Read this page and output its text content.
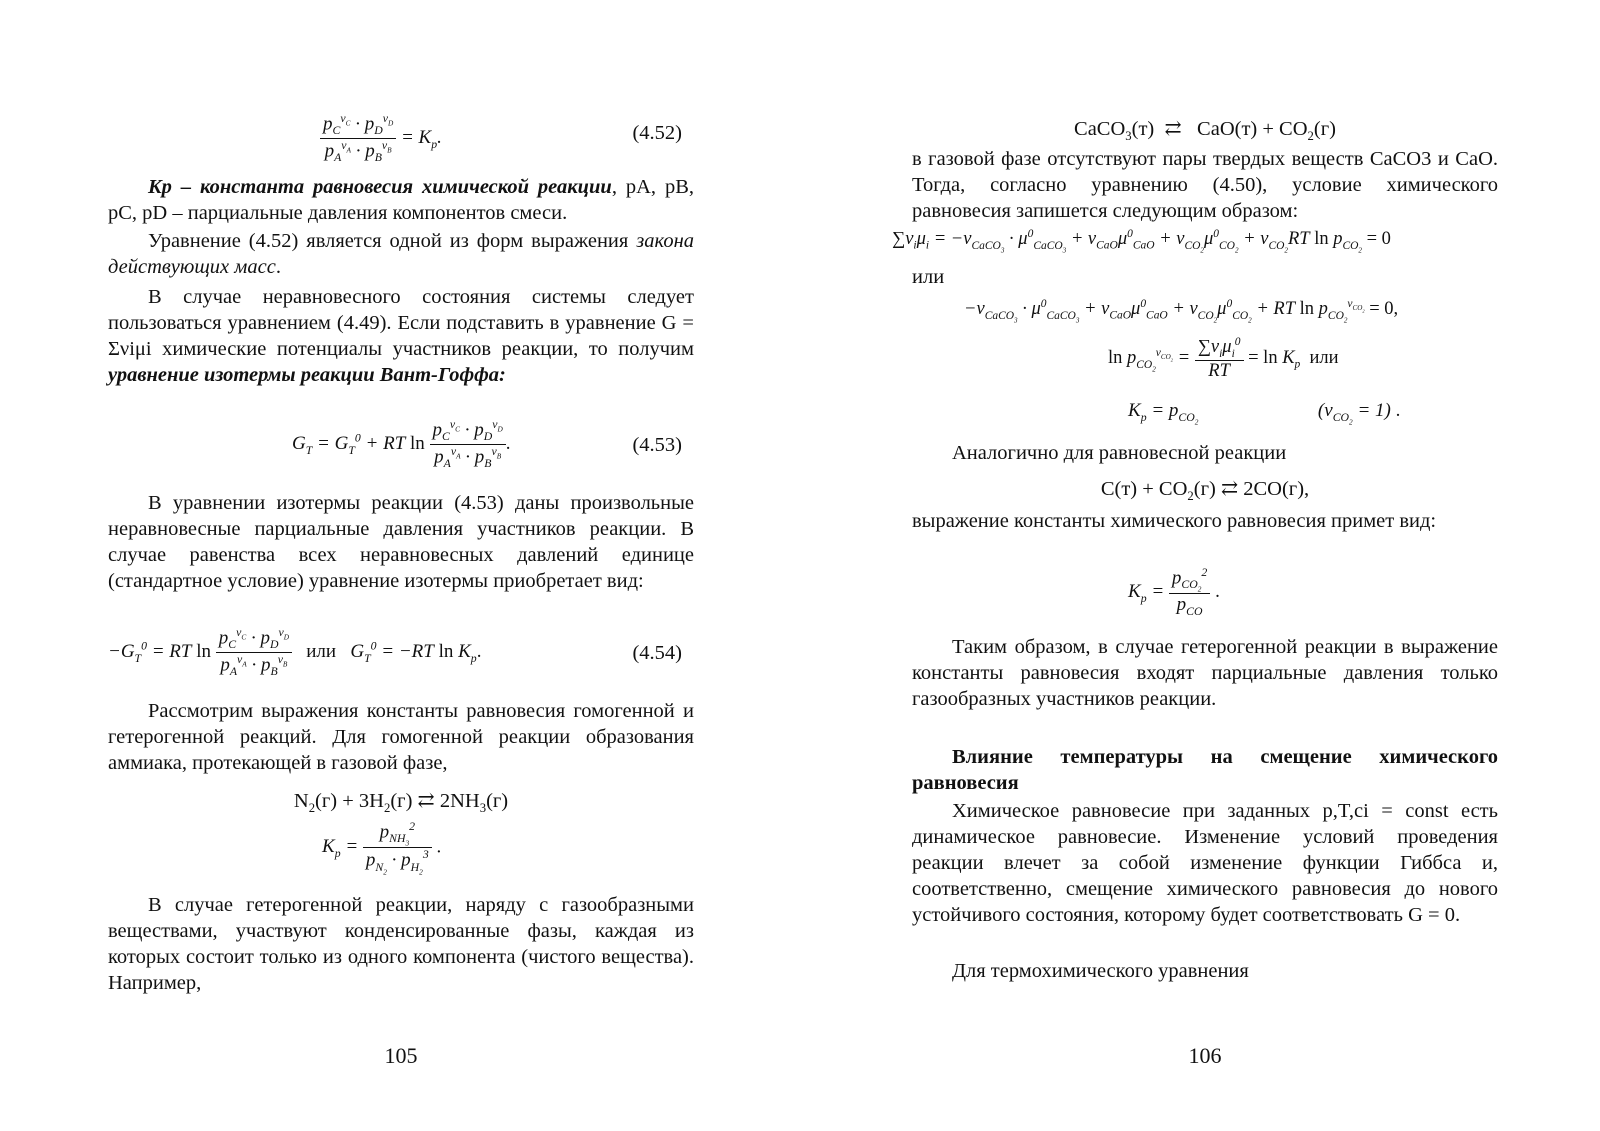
$\frac{p_C^{\nu_C} \cdot p_D^{\nu_D}}{p_A^{\nu_A} \cdot p_B^{\nu_B}} = K_p$.	(4.52)

Kp – константа равновесия химической реакции, pA, pB, pC, pD – парциальные давления компонентов смеси.

Уравнение (4.52) является одной из форм выражения закона действующих масс.

В случае неравновесного состояния системы следует пользоваться уравнением (4.49). Если подставить в уравнение G = Σνiμi химические потенциалы участников реакции, то получим уравнение изотермы реакции Вант-Гоффа:

$G_T = G_T^0$ + RT $\ln \frac{p_C^{\nu_C} \cdot p_D^{\nu_D}}{p_A^{\nu_A} \cdot p_B^{\nu_B}}$ .	(4.53)

В уравнении изотермы реакции (4.53) даны произвольные неравновесные парциальные давления участников реакции. В случае равенства всех неравновесных давлений единице (стандартное условие) уравнение изотермы приобретает вид:

$-G_T^0$ = RT $\ln \frac{p_C^{\nu_C} \cdot p_D^{\nu_D}}{p_A^{\nu_A} \cdot p_B^{\nu_B}}$ или $G_T^0 = -RT$ $\ln K_p$.	(4.54)

Рассмотрим выражения константы равновесия гомогенной и гетерогенной реакций. Для гомогенной реакции образования аммиака, протекающей в газовой фазе,

$N_2(г) + 3H_2(г)$ ⇄ $2NH_3(г)$
$K_p = \frac{p_{NH_3}^2}{p_{N_2} \cdot p_{H_2}^3}$ .

В случае гетерогенной реакции, наряду с газообразными веществами, участвуют конденсированные фазы, каждая из которых состоит только из одного компонента (чистого вещества). Например,

105
CaCO$_3$(т)  ⇄   $CaO(т) + CO_2(г)$

в газовой фазе отсутствуют пары твердых веществ CaCO3 и CaO. Тогда, согласно уравнению (4.50), условие химического равновесия запишется следующим образом:

$\sum\nu_i\mu_i = -\nu_{CaCO_3} \cdot \mu^0_{CaCO_3} + \nu_{CaO}\mu^0_{CaO} + \nu_{CO_2}\mu^0_{CO_2} + \nu_{CO_2}RT$ $\ln p_{CO_2} = 0$

или

$-\nu_{CaCO_3} \cdot \mu^0_{CaCO_3} + \nu_{CaO}\mu^0_{CaO} + \nu_{CO_2}\mu^0_{CO_2}$ + RT $\ln p_{CO_2}^{\nu_{CO_2}} = 0$,
$\ln p_{CO_2}^{\nu_{CO_2}} = \frac{\sum\nu_i\mu_i^0}{RT} = \ln K_p$ или
$K_p = p_{CO_2}$  $(\nu_{CO_2} = 1)$ .

Аналогично для равновесной реакции

$C(т) + CO_2(г)$ ⇄ 2CO(г),

выражение константы химического равновесия примет вид:

$K_p = \frac{p_{CO_2}^2}{p_{CO}}$ .

Таким образом, в случае гетерогенной реакции в выражение константы равновесия входят парциальные давления только газообразных участников реакции.

Влияние температуры на смещение химического равновесия

Химическое равновесие при заданных p,T,ci = const есть динамическое равновесие. Изменение условий проведения реакции влечет за собой изменение функции Гиббса и, соответственно, смещение химического равновесия до нового устойчивого состояния, которому будет соответствовать G = 0.

Для термохимического уравнения

106
